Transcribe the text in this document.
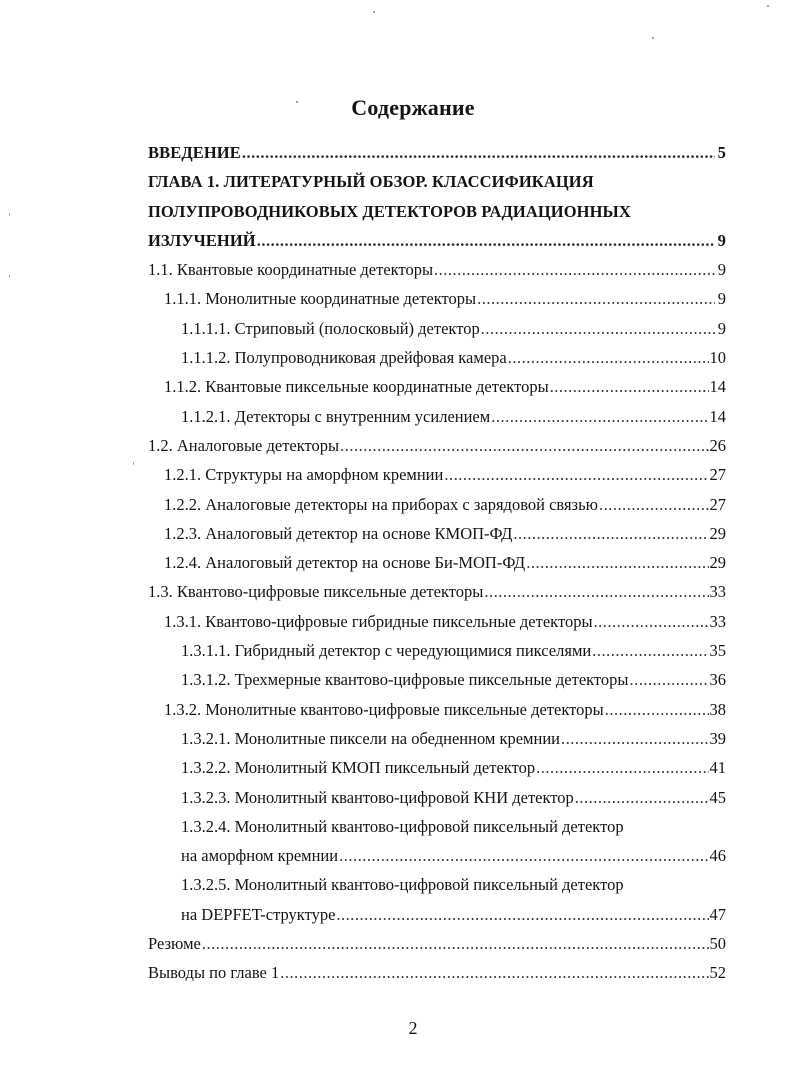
Содержание
ВВЕДЕНИЕ .....	5
ГЛАВА 1. ЛИТЕРАТУРНЫЙ ОБЗОР. КЛАССИФИКАЦИЯ
ПОЛУПРОВОДНИКОВЫХ ДЕТЕКТОРОВ РАДИАЦИОННЫХ
ИЗЛУЧЕНИЙ .....	9
1.1. Квантовые координатные детекторы .....	9
1.1.1. Монолитные координатные детекторы .....	9
1.1.1.1. Стриповый (полосковый) детектор .....	9
1.1.1.2. Полупроводниковая дрейфовая камера .....	10
1.1.2. Квантовые пиксельные координатные детекторы .....	14
1.1.2.1. Детекторы с внутренним усилением .....	14
1.2. Аналоговые детекторы .....	26
1.2.1. Структуры на аморфном кремнии .....	27
1.2.2. Аналоговые детекторы на приборах с зарядовой связью .....	27
1.2.3. Аналоговый детектор на основе КМОП-ФД .....	29
1.2.4. Аналоговый детектор на основе Би-МОП-ФД .....	29
1.3. Квантово-цифровые пиксельные детекторы .....	33
1.3.1. Квантово-цифровые гибридные пиксельные детекторы .....	33
1.3.1.1. Гибридный детектор с чередующимися пикселями .....	35
1.3.1.2. Трехмерные квантово-цифровые пиксельные детекторы .....	36
1.3.2. Монолитные квантово-цифровые пиксельные детекторы .....	38
1.3.2.1. Монолитные пиксели на обедненном кремнии .....	39
1.3.2.2. Монолитный КМОП пиксельный детектор .....	41
1.3.2.3. Монолитный квантово-цифровой КНИ детектор .....	45
1.3.2.4. Монолитный квантово-цифровой пиксельный детектор
на аморфном кремнии .....	46
1.3.2.5. Монолитный квантово-цифровой пиксельный детектор
на DEPFET-структуре .....	47
Резюме .....	50
Выводы по главе 1 .....	52
2
